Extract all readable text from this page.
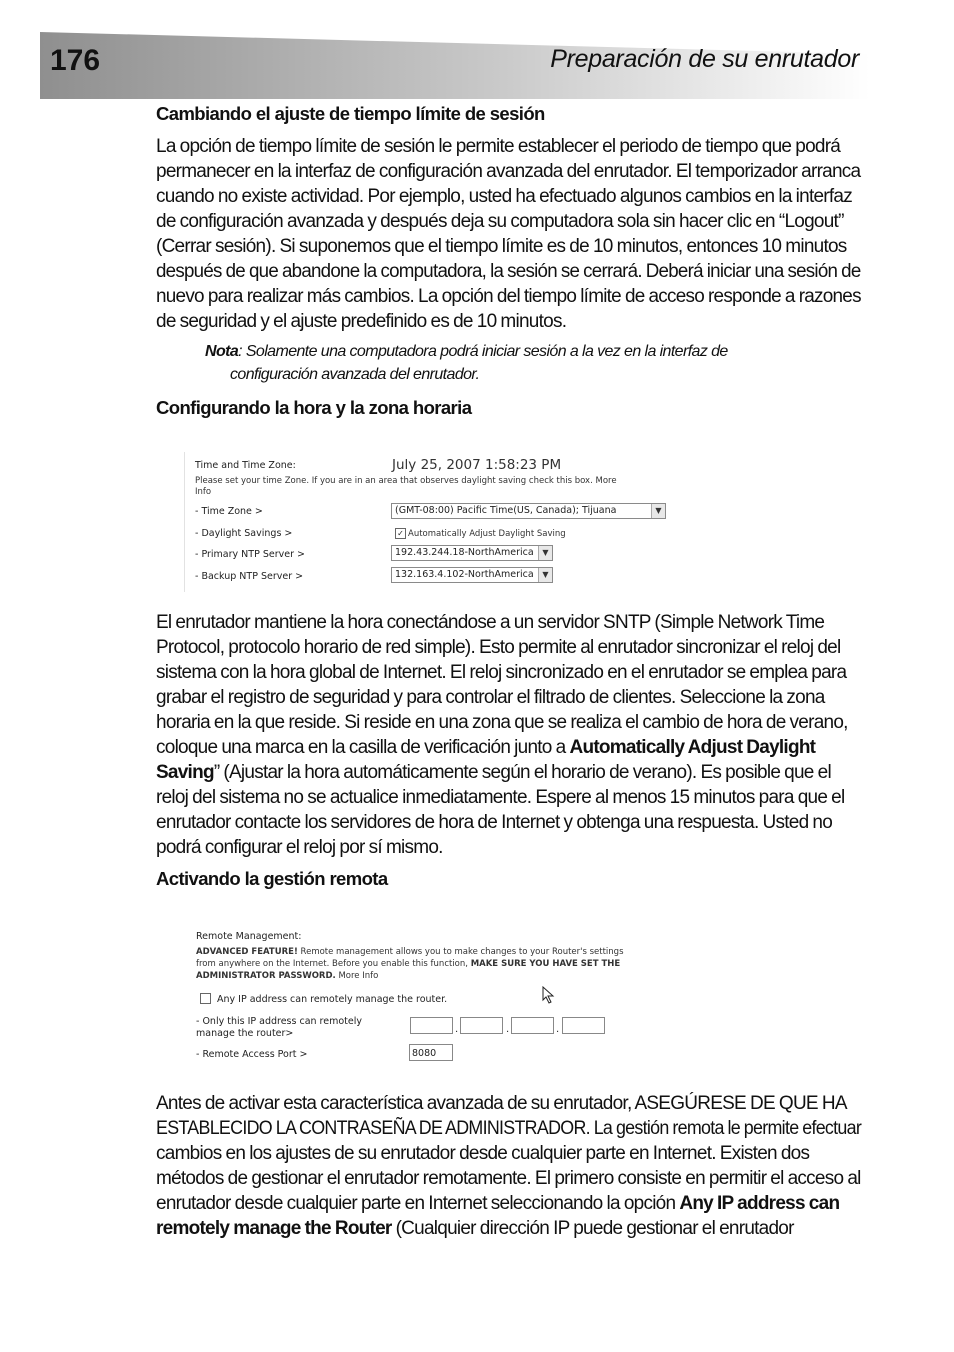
176	Preparación de su enrutador
Cambiando el ajuste de tiempo límite de sesión

La opción de tiempo límite de sesión le permite establecer el periodo de tiempo que podrá

permanecer en la interfaz de configuración avanzada del enrutador. El temporizador arranca

cuando no existe actividad. Por ejemplo, usted ha efectuado algunos cambios en la interfaz

de configuración avanzada y después deja su computadora sola sin hacer clic en “Logout”

(Cerrar sesión). Si suponemos que el tiempo límite es de 10 minutos, entonces 10 minutos

después de que abandone la computadora, la sesión se cerrará. Deberá iniciar una sesión de

nuevo para realizar más cambios. La opción del tiempo límite de acceso responde a razones

de seguridad y el ajuste predefinido es de 10 minutos.

Nota: Solamente una computadora podrá iniciar sesión a la vez en la interfaz de
configuración avanzada del enrutador.

Configurando la hora y la zona horaria
Time and Time Zone:	July 25, 2007 1:58:23 PM
Please set your time Zone. If you are in an area that observes daylight saving check this box. More
Info
- Time Zone >	(GMT-08:00) Pacific Time(US, Canada); Tijuana	▼
- Daylight Savings >	✓ Automatically Adjust Daylight Saving
- Primary NTP Server >	192.43.244.18-NorthAmerica	▼
- Backup NTP Server >	132.163.4.102-NorthAmerica	▼

El enrutador mantiene la hora conectándose a un servidor SNTP (Simple Network Time

Protocol, protocolo horario de red simple). Esto permite al enrutador sincronizar el reloj del

sistema con la hora global de Internet. El reloj sincronizado en el enrutador se emplea para

grabar el registro de seguridad y para controlar el filtrado de clientes. Seleccione la zona

horaria en la que reside. Si reside en una zona que se realiza el cambio de hora de verano,

coloque una marca en la casilla de verificación junto a Automatically Adjust Daylight

Saving” (Ajustar la hora automáticamente según el horario de verano). Es posible que el

reloj del sistema no se actualice inmediatamente. Espere al menos 15 minutos para que el

enrutador contacte los servidores de hora de Internet y obtenga una respuesta. Usted no

podrá configurar el reloj por sí mismo.

Activando la gestión remota
Remote Management:
ADVANCED FEATURE! Remote management allows you to make changes to your Router's settings
from anywhere on the Internet. Before you enable this function, MAKE SURE YOU HAVE SET THE
ADMINISTRATOR PASSWORD. More Info
Any IP address can remotely manage the router.
- Only this IP address can remotely
manage the router>	.	.	.
- Remote Access Port >	8080

Antes de activar esta característica avanzada de su enrutador, ASEGÚRESE DE QUE HA

ESTABLECIDO LA CONTRASEÑA DE ADMINISTRADOR. La gestión remota le permite efectuar

cambios en los ajustes de su enrutador desde cualquier parte en Internet. Existen dos

métodos de gestionar el enrutador remotamente. El primero consiste en permitir el acceso al

enrutador desde cualquier parte en Internet seleccionando la opción Any IP address can

remotely manage the Router (Cualquier dirección IP puede gestionar el enrutador
